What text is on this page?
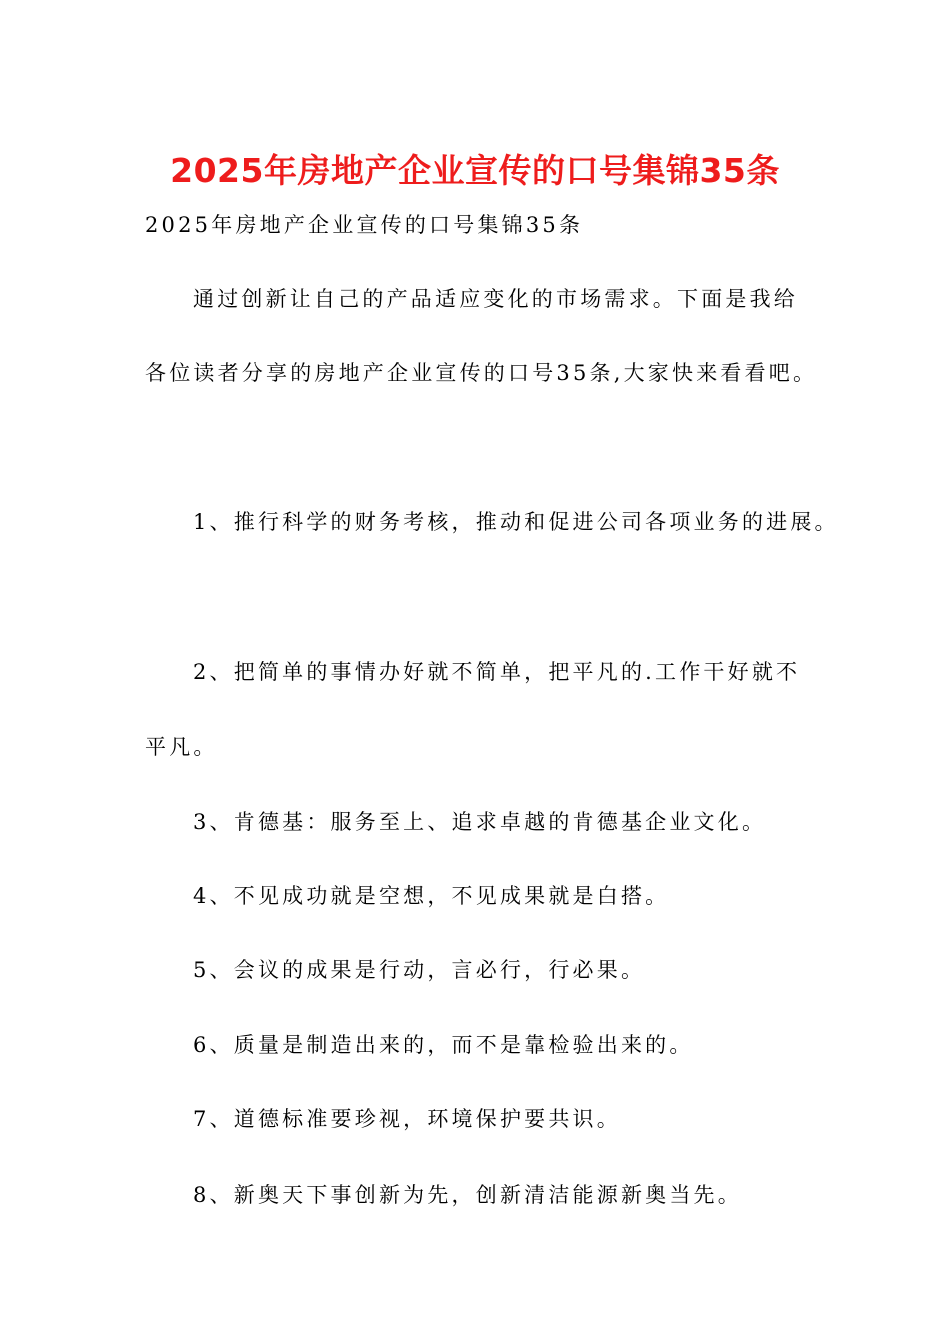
2025年房地产企业宣传的口号集锦35条
2025年房地产企业宣传的口号集锦35条
通过创新让自己的产品适应变化的市场需求。下面是我给
各位读者分享的房地产企业宣传的口号35条,大家快来看看吧。
1、推行科学的财务考核，推动和促进公司各项业务的进展。
2、把简单的事情办好就不简单，把平凡的.工作干好就不
平凡。
3、肯德基：服务至上、追求卓越的肯德基企业文化。
4、不见成功就是空想，不见成果就是白搭。
5、会议的成果是行动，言必行，行必果。
6、质量是制造出来的，而不是靠检验出来的。
7、道德标准要珍视，环境保护要共识。
8、新奥天下事创新为先，创新清洁能源新奥当先。
